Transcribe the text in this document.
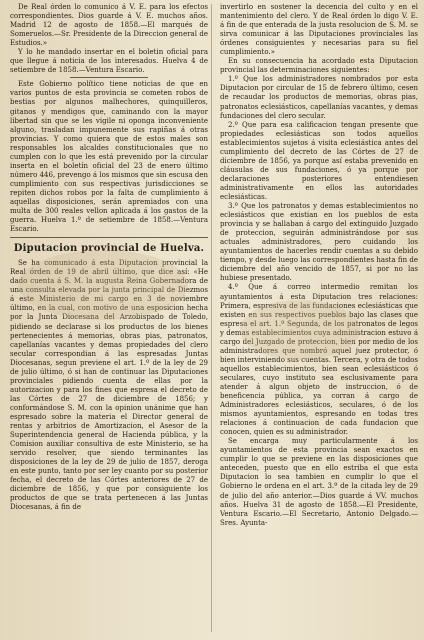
De Real órden lo comunico á V. E. para los efectos correspondientes. Dios guarde á V. E. muchos años. Madrid 12 de agosto de 1858.—El marqués de Someruelos.—Sr. Presidente de la Direccion general de Estudios.»

Y lo he mandado insertar en el boletin oficial para que llegue á noticia de los interesados. Huelva 4 de setiembre de 1858.—Ventura Escario.

Este Gobierno político tiene noticias de que en varios puntos de esta provincia se cometen robos de bestias por algunos malhechores, quinquilleros, gitanos y mendigos que, caminando con la mayor libertad sin que se les vigile ni oponga inconveniente alguno, trasladan impunemente sus rapiñas á otras provincias. Y como quiera que de estos males son responsables los alcaldes constitucionales que no cumplen con lo que les está prevenido por la circular inserta en el boletín oficial del 23 de enero último número 446, prevengo á los mismos que sin escusa den cumplimiento con sus respectivas jurisdicciones se repiten dichos robos por la falta de cumplimiento á aquellas disposiciones, serán apremiados con una multa de 300 reales vellon aplicada á los gastos de la guerra. Huelva 1.º de setiembre de 1858.—Ventura Escario.

Diputacion provincial de Huelva.

Se ha comunicado á esta Diputacion provincial la Real órden de 19 de abril último, que dice así: «He dado cuenta á S. M. la augusta Reina Gobernadora de una consulta elevada por la junta principal de Diezmos á este Ministerio de mi cargo en 3 de noviembre último, en la cual, con motivo de una esposicion hecha por la Junta Diocesana del Arzobispado de Toledo, pidiendo se declarase si los productos de los bienes pertenecientes á memorias, obras pias, patronatos, capellanías vacantes y demas propiedades del clero secular correspondian á las espresadas Juntas Diocesanas, segun previene el art. 1.º de la ley de 29 de julio último, ó si han de continuar las Diputaciones provinciales pidiendo cuenta de ellas por la autorizacion y para los fines que espresa el decreto de las Córtes de 27 de diciembre de 1856; y conformándose S. M. con la opinion unánime que han espresado sobre la materia el Director general de rentas y arbitrios de Amortizacion, el Asesor de la Superintendencia general de Hacienda pública, y la Comision auxiliar consultiva de este Ministerio, se ha servido resolver, que siendo terminantes las disposiciones de la ley de 29 de julio de 1857, deroga en este punto, tanto por ser ley cuanto por su posterior fecha, el decreto de las Córtes anteriores de 27 de diciembre de 1856, y que por consiguiente los productos de que se trata pertenecen á las Juntas Diocesanas, á fin de

invertirlo en sostener la decencia del culto y en el mantenimiento del clero. Y de Real órden lo digo V. E. á fin de que enterada de la justa resolucion de S. M. se sirva comunicar á las Diputaciones provinciales las órdenes consiguientes y necesarias para su fiel cumplimiento.»

En su consecuencia ha acordado esta Diputacion provincial las determinaciones siguientes:

1.º Que los administradores nombrados por esta Diputacion por circular de 15 de febrero último, cesen de recaudar los productos de memorias, obras pias, patronatos eclesiásticos, capellanías vacantes, y demas fundaciones del clero secular.

2.º Que para esa calificacion tengan presente que propiedades eclesiásticas son todos aquellos establecimientos sujetos á visita eclesiástica antes del cumplimiento del decreto de las Córtes de 27 de diciembre de 1856, ya porque así estaba prevenido en cláusulas de sus fundaciones, ó ya porque por declaraciones posteriores entendiesen administrativamente en ellos las autoridades eclesiásticas.

3.º Que los patronatos y demas establecimientos no eclesiásticos que existian en los pueblos de esta provincia y se hallaban á cargo del extinguido Juzgado de proteccion, seguirán administrándose por sus actuales administradores, pero cuidando los ayuntamientos de hacerles rendir cuentas a su debido tiempo, y desde luego las correspondientes hasta fin de diciembre del año vencido de 1857, si por no las hubiese presentado.

4.º Que á correo intermedio remitan los ayuntamientos á esta Diputacion tres relaciones: Primera, espresiva de las fundaciones eclesiásticas que existen en sus respectivos pueblos bajo las clases que espresa el art. 1.º Segunda, de los patronatos de legos y demas establecimientos cuya administracion estuvo á cargo del Juzgado de proteccion, bien por medio de los administradores que nombró aquel juez protector, ó bien interviniendo sus cuentas. Tercera, y otra de todos aquellos establecimientos, bien sean eclesiásticos ó seculares, cuyo instituto sea esclusivamente para atender á algun objeto de instruccion, ó de beneficencia pública, ya corran á cargo de Administradores eclesiásticos, seculares, ó de los mismos ayuntamientos, espresando en todas tres relaciones á continuacion de cada fundacion que conocen, quien es su administrador.

Se encarga muy particularmente á los ayuntamientos de esta provincia sean exactos en cumplir lo que se previene en las disposiciones que anteceden, puesto que en ello estriba el que esta Diputacion lo sea tambien en cumplir lo que el Gobierno le ordena en el art. 3.º de la citada ley de 29 de julio del año anterior.—Dios guarde á VV. muchos años. Huelva 31 de agosto de 1858.—El Presidente, Ventura Escario.—El Secretario, Antonio Delgado.—Sres. Ayunta-
